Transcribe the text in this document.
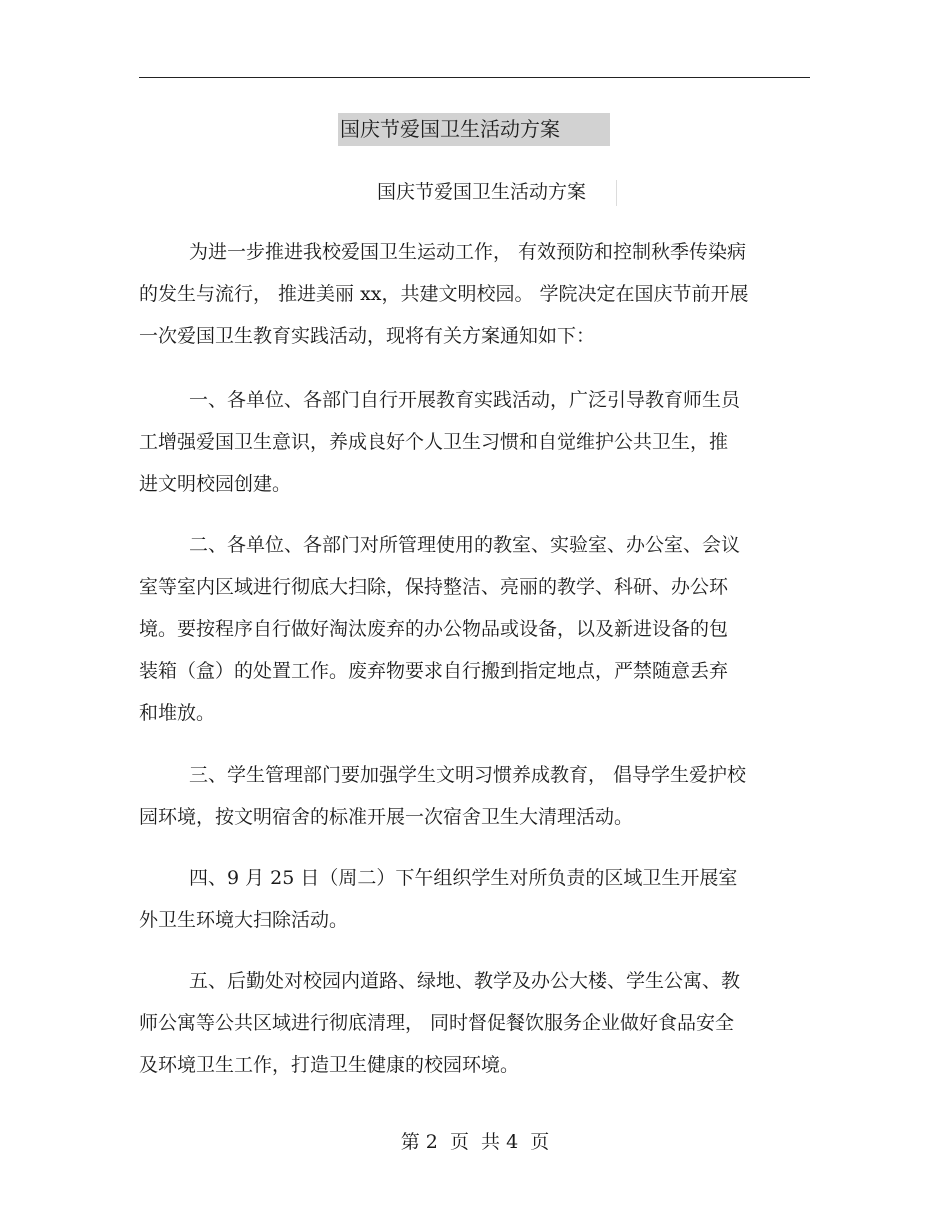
国庆节爱国卫生活动方案
国庆节爱国卫生活动方案
为进一步推进我校爱国卫生运动工作， 有效预防和控制秋季传染病
的发生与流行， 推进美丽 xx，共建文明校园。 学院决定在国庆节前开展
一次爱国卫生教育实践活动，现将有关方案通知如下：
一、各单位、各部门自行开展教育实践活动，广泛引导教育师生员
工增强爱国卫生意识，养成良好个人卫生习惯和自觉维护公共卫生，推
进文明校园创建。
二、各单位、各部门对所管理使用的教室、实验室、办公室、会议
室等室内区域进行彻底大扫除，保持整洁、亮丽的教学、科研、办公环
境。要按程序自行做好淘汰废弃的办公物品或设备，以及新进设备的包
装箱（盒）的处置工作。废弃物要求自行搬到指定地点，严禁随意丢弃
和堆放。
三、学生管理部门要加强学生文明习惯养成教育， 倡导学生爱护校
园环境，按文明宿舍的标准开展一次宿舍卫生大清理活动。
四、9 月 25 日（周二）下午组织学生对所负责的区域卫生开展室
外卫生环境大扫除活动。
五、后勤处对校园内道路、绿地、教学及办公大楼、学生公寓、教
师公寓等公共区域进行彻底清理， 同时督促餐饮服务企业做好食品安全
及环境卫生工作，打造卫生健康的校园环境。
第 2  页  共 4  页
